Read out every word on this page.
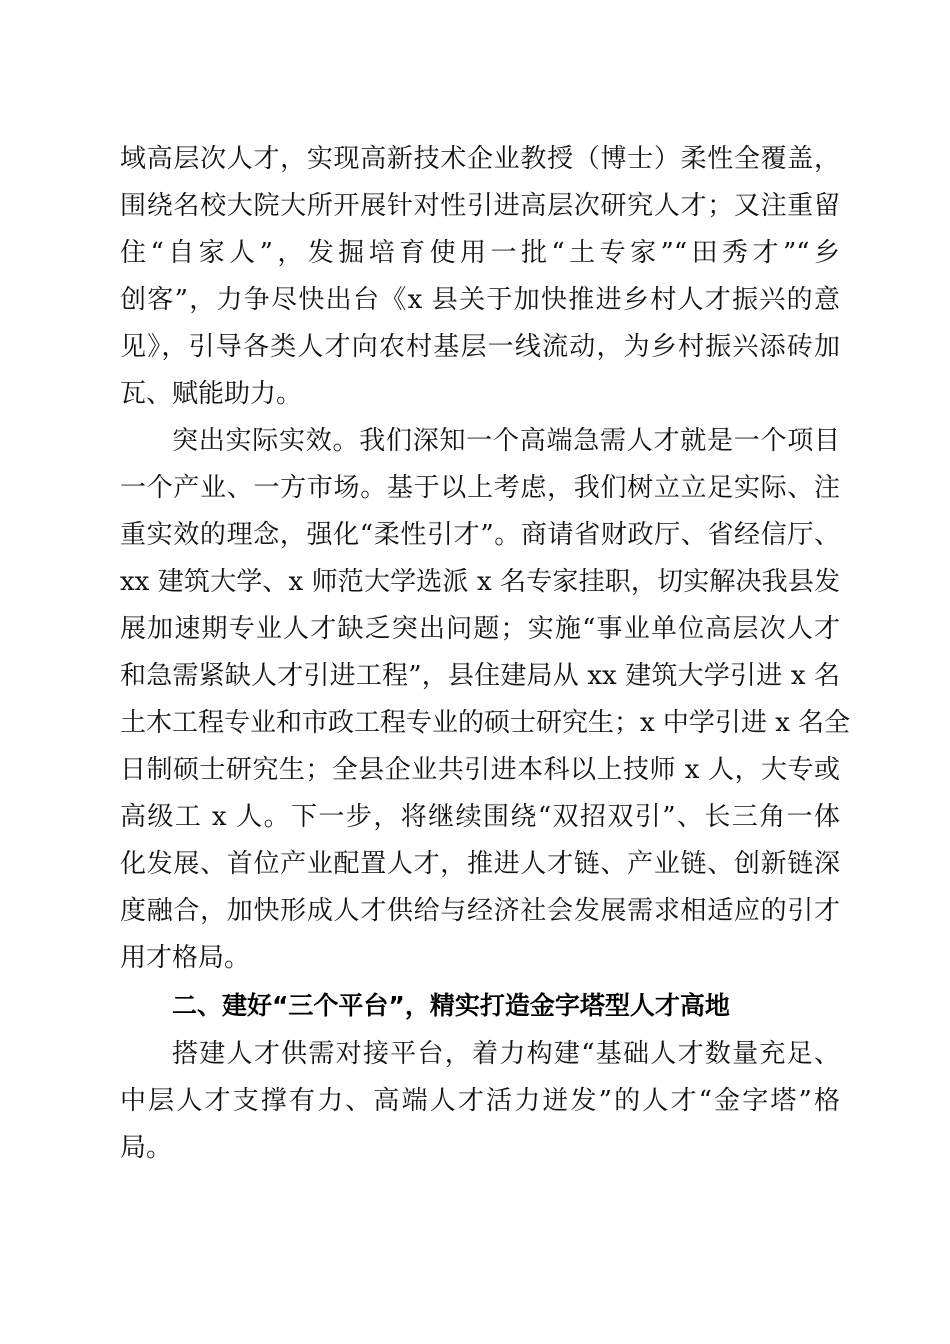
域高层次人才，实现高新技术企业教授（博士）柔性全覆盖，
围绕名校大院大所开展针对性引进高层次研究人才；又注重留
住“自家人”，发掘培育使用一批“土专家”“田秀才”“乡
创客”，力争尽快出台《x 县关于加快推进乡村人才振兴的意
见》，引导各类人才向农村基层一线流动，为乡村振兴添砖加
瓦、赋能助力。
突出实际实效。我们深知一个高端急需人才就是一个项目
一个产业、一方市场。基于以上考虑，我们树立立足实际、注
重实效的理念，强化“柔性引才”。商请省财政厅、省经信厅、
xx 建筑大学、x 师范大学选派 x 名专家挂职，切实解决我县发
展加速期专业人才缺乏突出问题；实施“事业单位高层次人才
和急需紧缺人才引进工程”，县住建局从 xx 建筑大学引进 x 名
土木工程专业和市政工程专业的硕士研究生；x 中学引进 x 名全
日制硕士研究生；全县企业共引进本科以上技师 x 人，大专或
高级工 x 人。下一步，将继续围绕“双招双引”、长三角一体
化发展、首位产业配置人才，推进人才链、产业链、创新链深
度融合，加快形成人才供给与经济社会发展需求相适应的引才
用才格局。
二、建好“三个平台”，精实打造金字塔型人才高地
搭建人才供需对接平台，着力构建“基础人才数量充足、
中层人才支撑有力、高端人才活力迸发”的人才“金字塔”格
局。
